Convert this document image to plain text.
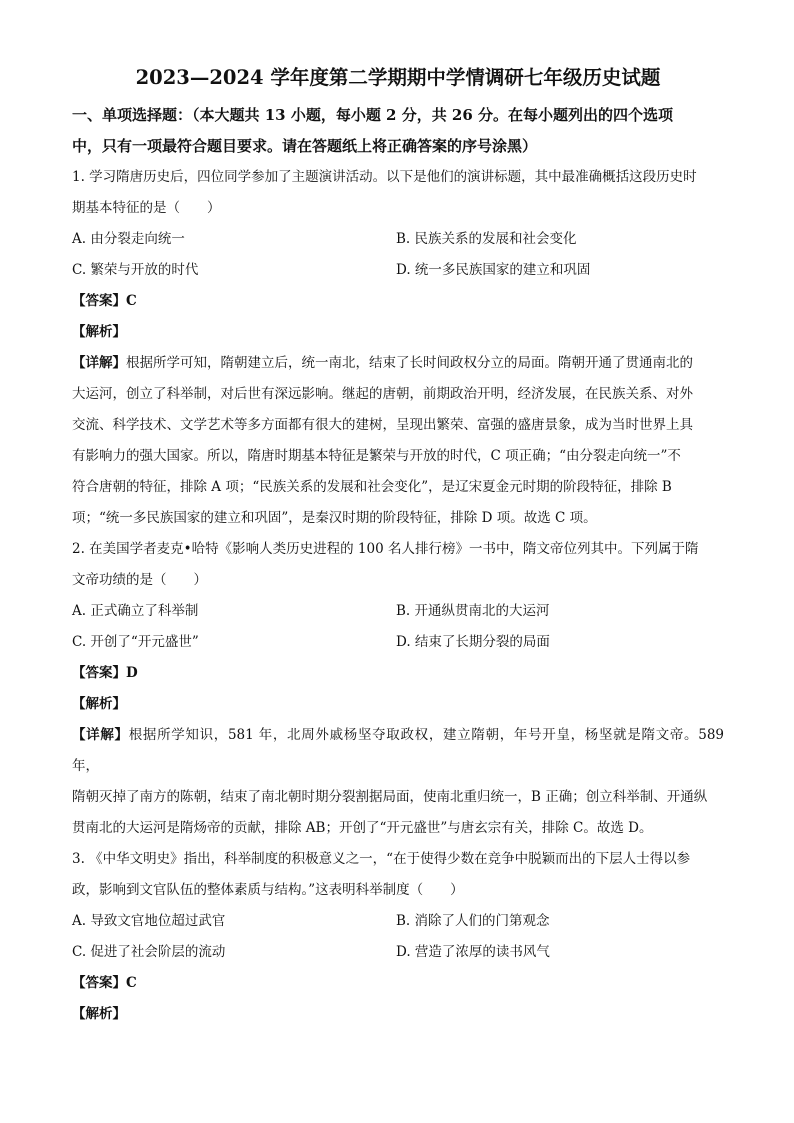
2023—2024 学年度第二学期期中学情调研七年级历史试题

一、单项选择题：（本大题共 13 小题，每小题 2 分，共 26 分。在每小题列出的四个选项

中，只有一项最符合题目要求。请在答题纸上将正确答案的序号涂黑）

1. 学习隋唐历史后，四位同学参加了主题演讲活动。以下是他们的演讲标题，其中最准确概括这段历史时

期基本特征的是（　　）

A. 由分裂走向统一	B. 民族关系的发展和社会变化
C. 繁荣与开放的时代	D. 统一多民族国家的建立和巩固
【答案】C
【解析】

【详解】根据所学可知，隋朝建立后，统一南北，结束了长时间政权分立的局面。隋朝开通了贯通南北的

大运河，创立了科举制，对后世有深远影响。继起的唐朝，前期政治开明，经济发展，在民族关系、对外

交流、科学技术、文学艺术等多方面都有很大的建树，呈现出繁荣、富强的盛唐景象，成为当时世界上具

有影响力的强大国家。所以，隋唐时期基本特征是繁荣与开放的时代，C 项正确；“由分裂走向统一”不

符合唐朝的特征，排除 A 项；“民族关系的发展和社会变化”，是辽宋夏金元时期的阶段特征，排除 B

项；“统一多民族国家的建立和巩固”，是秦汉时期的阶段特征，排除 D 项。故选 C 项。

2. 在美国学者麦克•哈特《影响人类历史进程的 100 名人排行榜》一书中，隋文帝位列其中。下列属于隋

文帝功绩的是（　　）

A. 正式确立了科举制	B. 开通纵贯南北的大运河
C. 开创了“开元盛世”	D. 结束了长期分裂的局面
【答案】D
【解析】

【详解】根据所学知识，581 年，北周外戚杨坚夺取政权，建立隋朝，年号开皇，杨坚就是隋文帝。589 年，

隋朝灭掉了南方的陈朝，结束了南北朝时期分裂割据局面，使南北重归统一，B 正确；创立科举制、开通纵

贯南北的大运河是隋炀帝的贡献，排除 AB；开创了“开元盛世”与唐玄宗有关，排除 C。故选 D。

3. 《中华文明史》指出，科举制度的积极意义之一，“在于使得少数在竞争中脱颖而出的下层人士得以参

政，影响到文官队伍的整体素质与结构。”这表明科举制度（　　）

A. 导致文官地位超过武官	B. 消除了人们的门第观念
C. 促进了社会阶层的流动	D. 营造了浓厚的读书风气
【答案】C
【解析】
